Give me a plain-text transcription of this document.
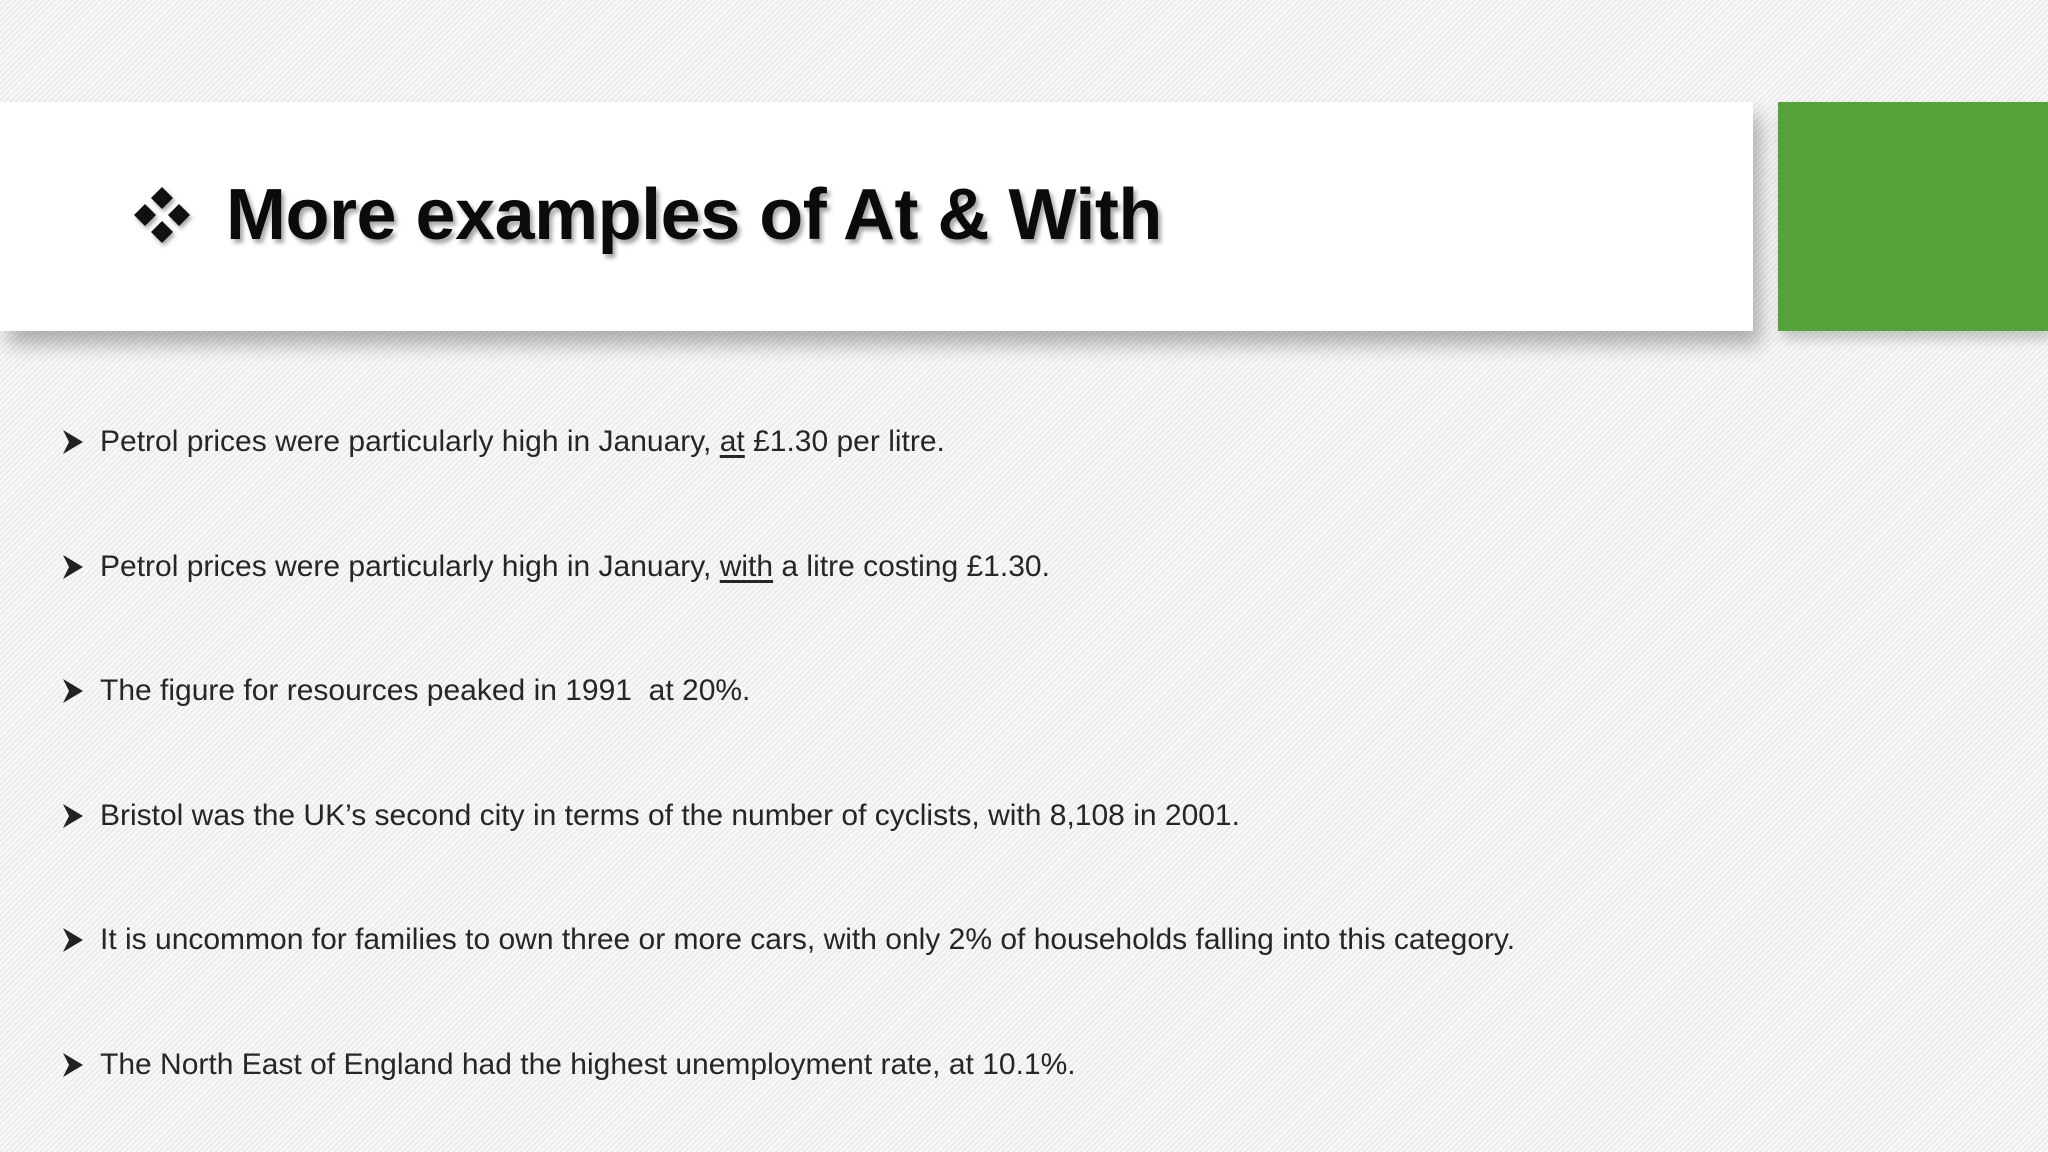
More examples of At & With
Petrol prices were particularly high in January, at £1.30 per litre.
Petrol prices were particularly high in January, with a litre costing £1.30.
The figure for resources peaked in 1991  at 20%.
Bristol was the UK’s second city in terms of the number of cyclists, with 8,108 in 2001.
It is uncommon for families to own three or more cars, with only 2% of households falling into this category.
The North East of England had the highest unemployment rate, at 10.1%.
